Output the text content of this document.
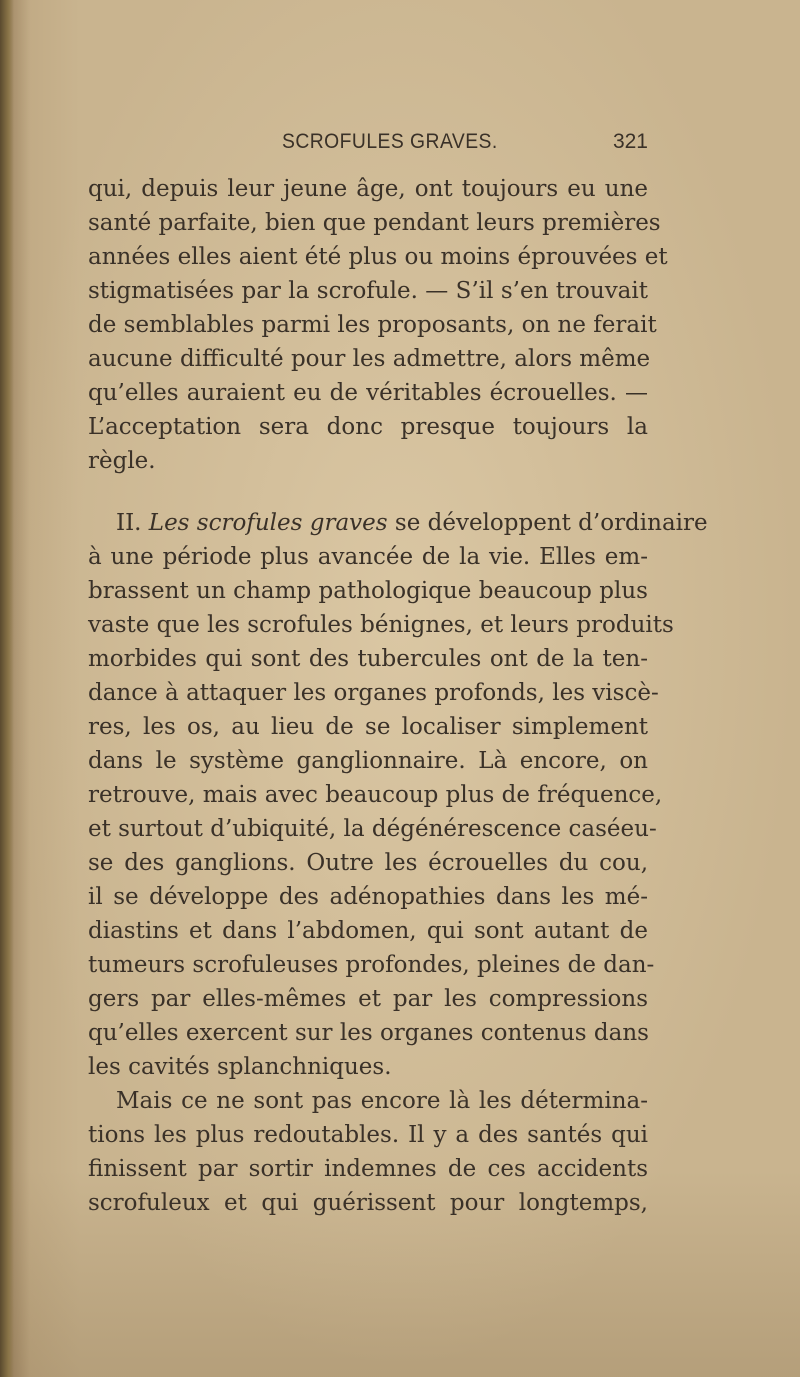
SCROFULES GRAVES.	321
qui, depuis leur jeune âge, ont toujours eu une
santé parfaite, bien que pendant leurs premières
années elles aient été plus ou moins éprouvées et
stigmatisées par la scrofule. — S’il s’en trouvait
de semblables parmi les proposants, on ne ferait
aucune difficulté pour les admettre, alors même
qu’elles auraient eu de véritables écrouelles. —
L’acceptation sera donc presque toujours la
règle.
II. Les scrofules graves se développent d’ordinaire
à une période plus avancée de la vie. Elles em-
brassent un champ pathologique beaucoup plus
vaste que les scrofules bénignes, et leurs produits
morbides qui sont des tubercules ont de la ten-
dance à attaquer les organes profonds, les viscè-
res, les os, au lieu de se localiser simplement
dans le système ganglionnaire. Là encore, on
retrouve, mais avec beaucoup plus de fréquence,
et surtout d’ubiquité, la dégénérescence caséeu-
se des ganglions. Outre les écrouelles du cou,
il se développe des adénopathies dans les mé-
diastins et dans l’abdomen, qui sont autant de
tumeurs scrofuleuses profondes, pleines de dan-
gers par elles-mêmes et par les compressions
qu’elles exercent sur les organes contenus dans
les cavités splanchniques.
Mais ce ne sont pas encore là les détermina-
tions les plus redoutables. Il y a des santés qui
finissent par sortir indemnes de ces accidents
scrofuleux et qui guérissent pour longtemps,
